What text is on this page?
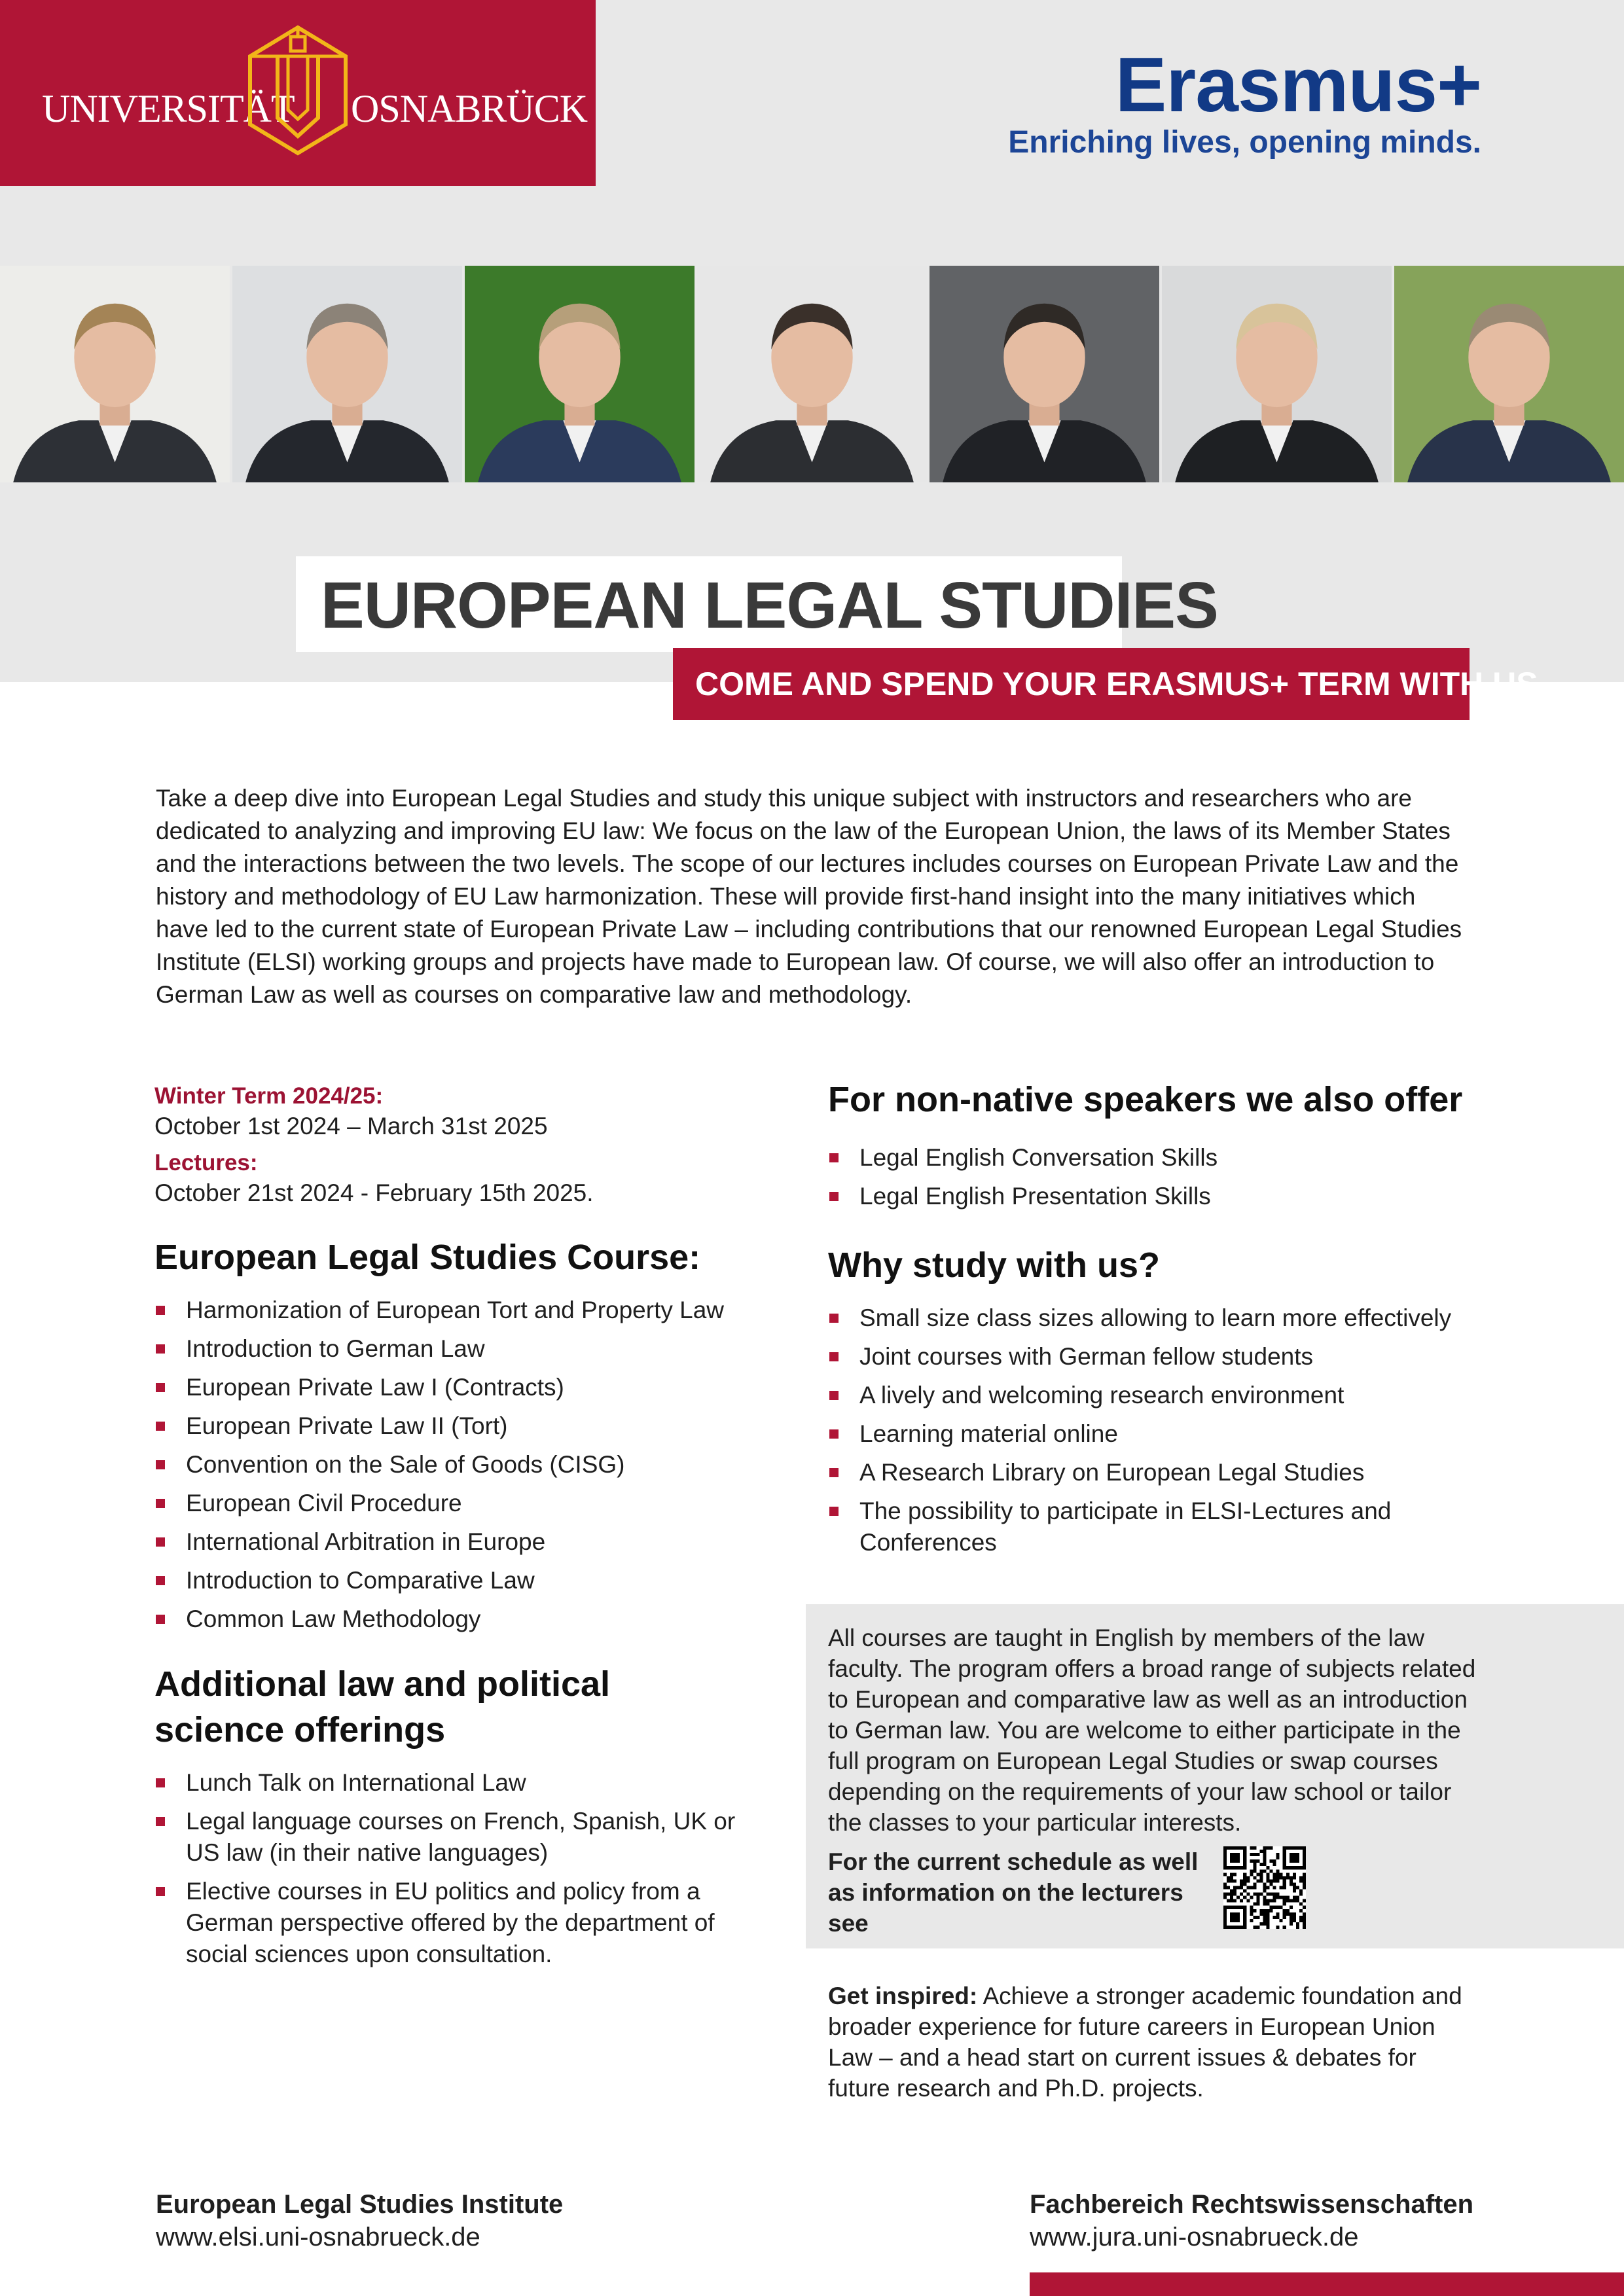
UNIVERSITÄT OSNABRÜCK	Erasmus+
Enriching lives, opening minds.
EUROPEAN LEGAL STUDIES
COME AND SPEND YOUR ERASMUS+ TERM WITH US

Take a deep dive into European Legal Studies and study this unique subject with instructors and researchers who are dedicated to analyzing and improving EU law: We focus on the law of the European Union, the laws of its Member States and the interactions between the two levels. The scope of our lectures includes courses on European Private Law and the history and methodology of EU Law harmonization. These will provide first-hand insight into the many initiatives which have led to the current state of European Private Law – including contributions that our renowned European Legal Studies Institute (ELSI) working groups and projects have made to European law. Of course, we will also offer an introduction to German Law as well as courses on comparative law and methodology.

Winter Term 2024/25:
October 1st 2024 – March 31st 2025
Lectures:
October 21st 2024 - February 15th 2025.
European Legal Studies Course:
Harmonization of European Tort and Property Law
Introduction to German Law
European Private Law I (Contracts)
European Private Law II (Tort)
Convention on the Sale of Goods (CISG)
European Civil Procedure
International Arbitration in Europe
Introduction to Comparative Law
Common Law Methodology
Additional law and political
science offerings
Lunch Talk on International Law
Legal language courses on French, Spanish, UK or US law (in their native languages)
Elective courses in EU politics and policy from a German perspective offered by the department of social sciences upon consultation.
For non-native speakers we also offer
Legal English Conversation Skills
Legal English Presentation Skills
Why study with us?
Small size class sizes allowing to learn more effectively
Joint courses with German fellow students
A lively and welcoming research environment
Learning material online
A Research Library on European Legal Studies
The possibility to participate in ELSI-Lectures and Conferences

All courses are taught in English by members of the law faculty. The program offers a broad range of subjects related to European and comparative law as well as an introduction to German law. You are welcome to either participate in the full program on European Legal Studies or swap courses depending on the requirements of your law school or tailor the classes to your particular interests.

For the current schedule as well as information on the lecturers see

Get inspired: Achieve a stronger academic foundation and broader experience for future careers in European Union Law – and a head start on current issues & debates for future research and Ph.D. projects.

European Legal Studies Institute
www.elsi.uni-osnabrueck.de
Fachbereich Rechtswissenschaften
www.jura.uni-osnabrueck.de
